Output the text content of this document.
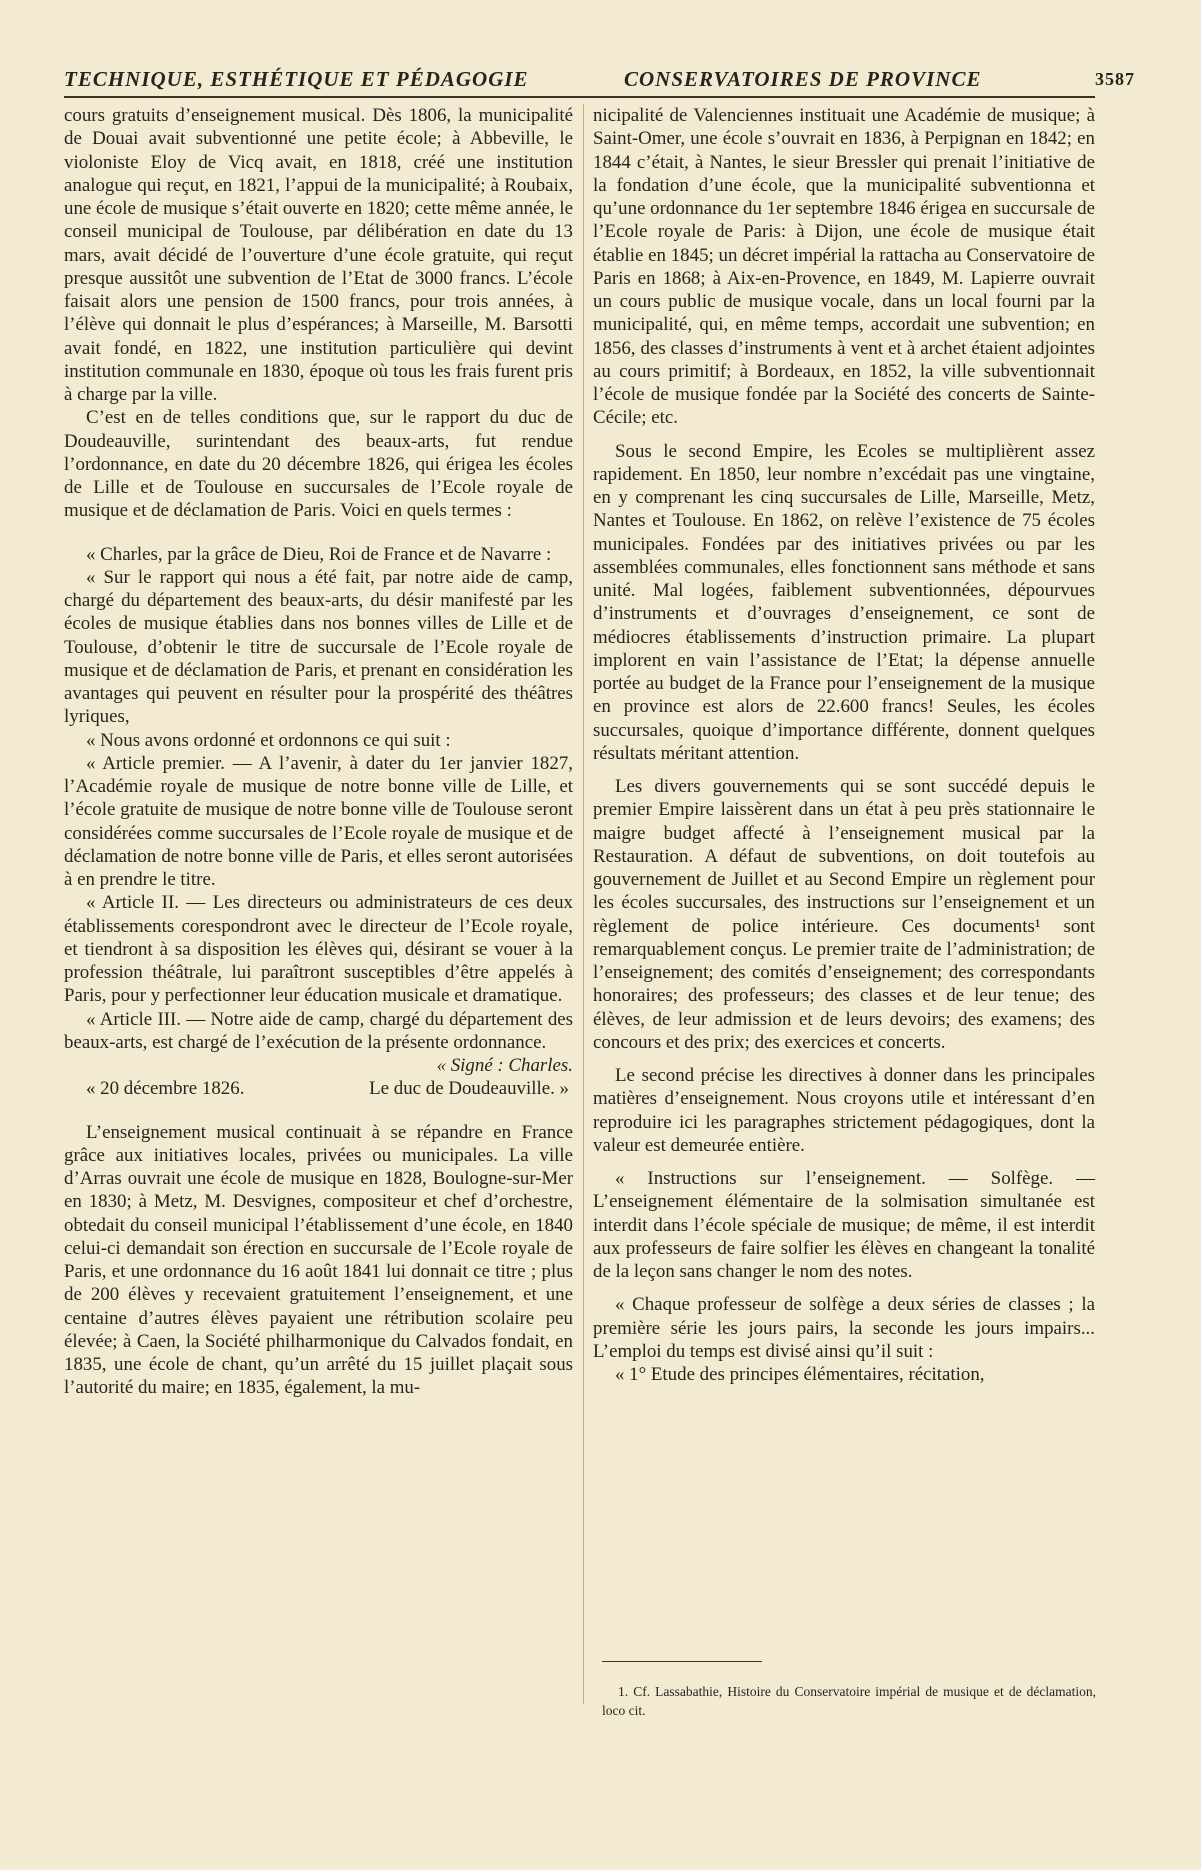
TECHNIQUE, ESTHÉTIQUE ET PÉDAGOGIE	CONSERVATOIRES DE PROVINCE	3587

cours gratuits d’enseignement musical. Dès 1806, la municipalité de Douai avait subventionné une petite école; à Abbeville, le violoniste Eloy de Vicq avait, en 1818, créé une institution analogue qui reçut, en 1821, l’appui de la municipalité; à Roubaix, une école de musique s’était ouverte en 1820; cette même année, le conseil municipal de Toulouse, par délibération en date du 13 mars, avait décidé de l’ouverture d’une école gratuite, qui reçut presque aussitôt une subvention de l’Etat de 3000 francs. L’école faisait alors une pension de 1500 francs, pour trois années, à l’élève qui donnait le plus d’espérances; à Marseille, M. Barsotti avait fondé, en 1822, une institution particulière qui devint institution communale en 1830, époque où tous les frais furent pris à charge par la ville.

C’est en de telles conditions que, sur le rapport du duc de Doudeauville, surintendant des beaux-arts, fut rendue l’ordonnance, en date du 20 décembre 1826, qui érigea les écoles de Lille et de Toulouse en succursales de l’Ecole royale de musique et de déclamation de Paris. Voici en quels termes :

« Charles, par la grâce de Dieu, Roi de France et de Navarre :

« Sur le rapport qui nous a été fait, par notre aide de camp, chargé du département des beaux-arts, du désir manifesté par les écoles de musique établies dans nos bonnes villes de Lille et de Toulouse, d’obtenir le titre de succursale de l’Ecole royale de musique et de déclamation de Paris, et prenant en considération les avantages qui peuvent en résulter pour la prospérité des théâtres lyriques,

« Nous avons ordonné et ordonnons ce qui suit :

« Article premier. — A l’avenir, à dater du 1er janvier 1827, l’Académie royale de musique de notre bonne ville de Lille, et l’école gratuite de musique de notre bonne ville de Toulouse seront considérées comme succursales de l’Ecole royale de musique et de déclamation de notre bonne ville de Paris, et elles seront autorisées à en prendre le titre.

« Article II. — Les directeurs ou administrateurs de ces deux établissements corespondront avec le directeur de l’Ecole royale, et tiendront à sa disposition les élèves qui, désirant se vouer à la profession théâtrale, lui paraîtront susceptibles d’être appelés à Paris, pour y perfectionner leur éducation musicale et dramatique.

« Article III. — Notre aide de camp, chargé du département des beaux-arts, est chargé de l’exécution de la présente ordonnance.

« Signé : Charles.

« 20 décembre 1826.	Le duc de Doudeauville. »

L’enseignement musical continuait à se répandre en France grâce aux initiatives locales, privées ou municipales. La ville d’Arras ouvrait une école de musique en 1828, Boulogne-sur-Mer en 1830; à Metz, M. Desvignes, compositeur et chef d’orchestre, obtedait du conseil municipal l’établissement d’une école, en 1840 celui-ci demandait son érection en succursale de l’Ecole royale de Paris, et une ordonnance du 16 août 1841 lui donnait ce titre ; plus de 200 élèves y recevaient gratuitement l’enseignement, et une centaine d’autres élèves payaient une rétribution scolaire peu élevée; à Caen, la Société philharmonique du Calvados fondait, en 1835, une école de chant, qu’un arrêté du 15 juillet plaçait sous l’autorité du maire; en 1835, également, la mu-

nicipalité de Valenciennes instituait une Académie de musique; à Saint-Omer, une école s’ouvrait en 1836, à Perpignan en 1842; en 1844 c’était, à Nantes, le sieur Bressler qui prenait l’initiative de la fondation d’une école, que la municipalité subventionna et qu’une ordonnance du 1er septembre 1846 érigea en succursale de l’Ecole royale de Paris: à Dijon, une école de musique était établie en 1845; un décret impérial la rattacha au Conservatoire de Paris en 1868; à Aix-en-Provence, en 1849, M. Lapierre ouvrait un cours public de musique vocale, dans un local fourni par la municipalité, qui, en même temps, accordait une subvention; en 1856, des classes d’instruments à vent et à archet étaient adjointes au cours primitif; à Bordeaux, en 1852, la ville subventionnait l’école de musique fondée par la Société des concerts de Sainte-Cécile; etc.

Sous le second Empire, les Ecoles se multiplièrent assez rapidement. En 1850, leur nombre n’excédait pas une vingtaine, en y comprenant les cinq succursales de Lille, Marseille, Metz, Nantes et Toulouse. En 1862, on relève l’existence de 75 écoles municipales. Fondées par des initiatives privées ou par les assemblées communales, elles fonctionnent sans méthode et sans unité. Mal logées, faiblement subventionnées, dépourvues d’instruments et d’ouvrages d’enseignement, ce sont de médiocres établissements d’instruction primaire. La plupart implorent en vain l’assistance de l’Etat; la dépense annuelle portée au budget de la France pour l’enseignement de la musique en province est alors de 22.600 francs! Seules, les écoles succursales, quoique d’importance différente, donnent quelques résultats méritant attention.

Les divers gouvernements qui se sont succédé depuis le premier Empire laissèrent dans un état à peu près stationnaire le maigre budget affecté à l’enseignement musical par la Restauration. A défaut de subventions, on doit toutefois au gouvernement de Juillet et au Second Empire un règlement pour les écoles succursales, des instructions sur l’enseignement et un règlement de police intérieure. Ces documents¹ sont remarquablement conçus. Le premier traite de l’administration; de l’enseignement; des comités d’enseignement; des correspondants honoraires; des professeurs; des classes et de leur tenue; des élèves, de leur admission et de leurs devoirs; des examens; des concours et des prix; des exercices et concerts.

Le second précise les directives à donner dans les principales matières d’enseignement. Nous croyons utile et intéressant d’en reproduire ici les paragraphes strictement pédagogiques, dont la valeur est demeurée entière.

« Instructions sur l’enseignement. — Solfège. — L’enseignement élémentaire de la solmisation simultanée est interdit dans l’école spéciale de musique; de même, il est interdit aux professeurs de faire solfier les élèves en changeant la tonalité de la leçon sans changer le nom des notes.

« Chaque professeur de solfège a deux séries de classes ; la première série les jours pairs, la seconde les jours impairs... L’emploi du temps est divisé ainsi qu’il suit :

« 1° Etude des principes élémentaires, récitation,

1. Cf. Lassabathie, Histoire du Conservatoire impérial de musique et de déclamation, loco cit.
